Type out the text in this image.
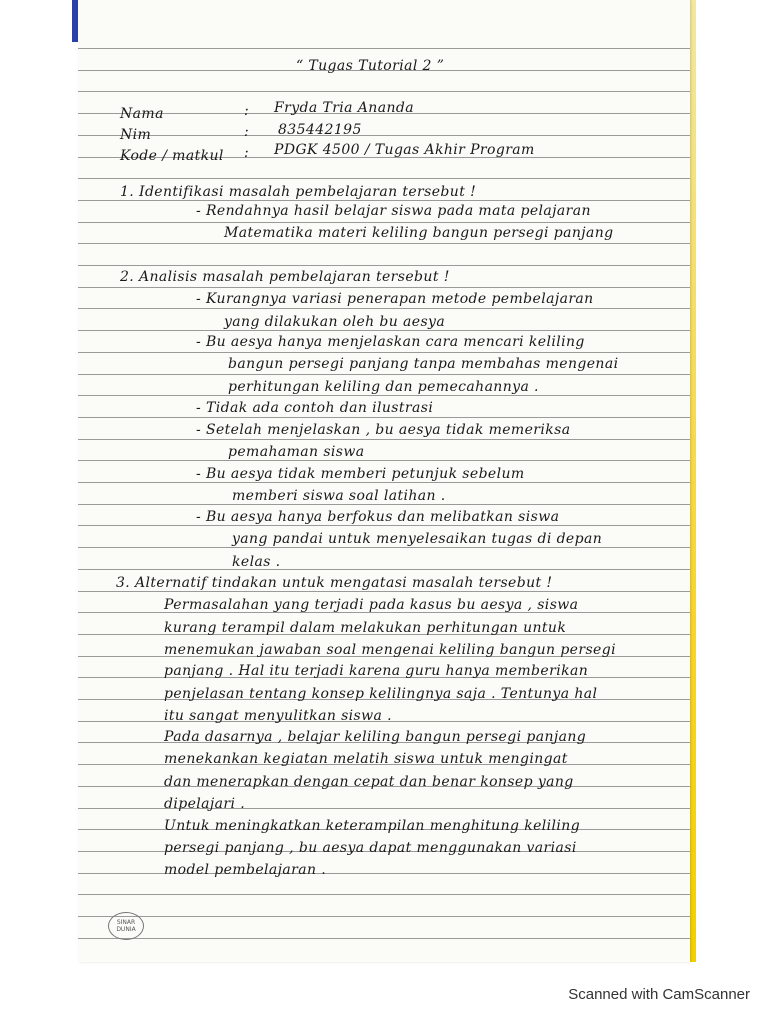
“ Tugas Tutorial 2 ”
Nama	: Fryda Tria Ananda
Nim	: 835442195
Kode / matkul : PDGK 4500 / Tugas Akhir Program
1. Identifikasi masalah pembelajaran tersebut !
- Rendahnya hasil belajar siswa pada mata pelajaran
Matematika materi keliling bangun persegi panjang
2. Analisis masalah pembelajaran tersebut !
- Kurangnya variasi penerapan metode pembelajaran
yang dilakukan oleh bu aesya
- Bu aesya hanya menjelaskan cara mencari keliling
bangun persegi panjang tanpa membahas mengenai
perhitungan keliling dan pemecahannya .
- Tidak ada contoh dan ilustrasi
- Setelah menjelaskan , bu aesya tidak memeriksa
pemahaman siswa
- Bu aesya tidak memberi petunjuk sebelum
memberi siswa soal latihan .
- Bu aesya hanya berfokus dan melibatkan siswa
yang pandai untuk menyelesaikan tugas di depan
kelas .
3. Alternatif tindakan untuk mengatasi masalah tersebut !
Permasalahan yang terjadi pada kasus bu aesya , siswa
kurang terampil dalam melakukan perhitungan untuk
menemukan jawaban soal mengenai keliling bangun persegi
panjang . Hal itu terjadi karena guru hanya memberikan
penjelasan tentang konsep kelilingnya saja . Tentunya hal
itu sangat menyulitkan siswa .
Pada dasarnya , belajar keliling bangun persegi panjang
menekankan kegiatan melatih siswa untuk mengingat
dan menerapkan dengan cepat dan benar konsep yang
dipelajari .
Untuk meningkatkan keterampilan menghitung keliling
persegi panjang , bu aesya dapat menggunakan variasi
model pembelajaran .
SINAR
DUNIA
Scanned with CamScanner
